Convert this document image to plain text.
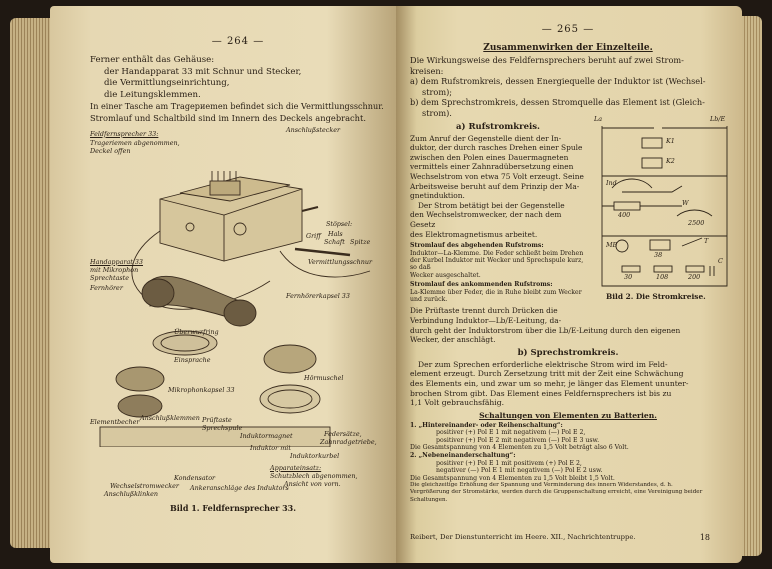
— 264 —
Ferner enthält das Gehäuse:
der Handapparat 33 mit Schnur und Stecker,
die Vermittlungseinrichtung,
die Leitungsklemmen.
In einer Tasche am Tragериemen befindet sich die Vermittlungsschnur.
Stromlauf und Schaltbild sind im Innern des Deckels angebracht.
Feldfernsprecher 33:
Trageriemen abgenommen,
Deckel offen
Anschlußstecker
Stöpsel:
Griff Hals
Schaft Spitze
Handapparat 33
mit Mikrophon
Sprechtaste
Fernhörer
Vermittlungsschnur
Fernhörerkapsel 33
Überwurfring
Einsprache
Hörmuschel
Mikrophonkapsel 33
Elementbecher Anschlußklemmen Prüftaste
Sprechspule
Induktormagnet	Federsätze,
Zahnradgetriebe,
Induktor mit
Induktorkurbel
Apparateinsatz:
Schutzblech abgenommen,
Ansicht von vorn.
Kondensator
Wechselstromwecker Ankeranschläge des Induktors
Anschlußklinken
Bild 1. Feldfernsprecher 33.
— 265 —
Zusammenwirken der Einzelteile.
Die Wirkungsweise des Feldfernsprechers beruht auf zwei Strom-
kreisen:
a) dem Rufstromkreis, dessen Energiequelle der Induktor ist (Wechsel-
strom);
b) dem Sprechstromkreis, dessen Stromquelle das Element ist (Gleich-
strom).
a) Rufstromkreis.
Zum Anruf der Gegenstelle dient der In-
duktor, der durch rasches Drehen einer Spule
zwischen den Polen eines Dauermagneten
vermittels einer Zahnradübersetzung einen
Wechselstrom von etwa 75 Volt erzeugt. Seine
Arbeitsweise beruht auf dem Prinzip der Ma-
gnetinduktion.
Der Strom betätigt bei der Gegenstelle
den Wechselstromwecker, der nach dem Gesetz
des Elektromagnetismus arbeitet.
Stromlauf des abgehenden Rufstroms:
Induktor—La-Klemme. Die Feder schließt beim Drehen
der Kurbel Induktor mit Wecker und Sprechspule kurz, so daß
Wecker ausgeschaltet.
Stromlauf des ankommenden Rufstroms:
La-Klemme über Feder, die in Ruhe bleibt zum Wecker
und zurück.
Die Prüftaste trennt durch Drücken die
Verbindung Induktor—Lb/E-Leitung, da-
durch geht der Induktorstrom über die Lb/E-Leitung durch den eigenen
Wecker, der anschlägt.
La	Lb/E
K1
K2
Ind
400
W
2500
MB
38
T
30	108	200
C
Bild 2. Die Stromkreise.
b) Sprechstromkreis.
Der zum Sprechen erforderliche elektrische Strom wird im Feld-
element erzeugt. Durch Zersetzung tritt mit der Zeit eine Schwächung
des Elements ein, und zwar um so mehr, je länger das Element ununter-
brochen Strom gibt. Das Element eines Feldfernsprechers ist bis zu
1,1 Volt gebrauchsfähig.
Schaltungen von Elementen zu Batterien.
1. „Hintereinander- oder Reihenschaltung“:
positiver (+) Pol E 1 mit negativem (—) Pol E 2,
positiver (+) Pol E 2 mit negativem (—) Pol E 3 usw.
Die Gesamtspannung von 4 Elementen zu 1,5 Volt beträgt also 6 Volt.
2. „Nebeneinanderschaltung“:
positiver (+) Pol E 1 mit positivem (+) Pol E 2,
negativer (—) Pol E 1 mit negativem (—) Pol E 2 usw.
Die Gesamtspannung von 4 Elementen zu 1,5 Volt bleibt 1,5 Volt.
Die gleichzeitige Erhöhung der Spannung und Verminderung des innern Widerstandes, d. h.
Vergrößerung der Stromstärke, werden durch die Gruppenschaltung erreicht, eine Vereinigung beider
Schaltungen.
Reibert, Der Dienstunterricht im Heere. XII., Nachrichtentruppe.	18
